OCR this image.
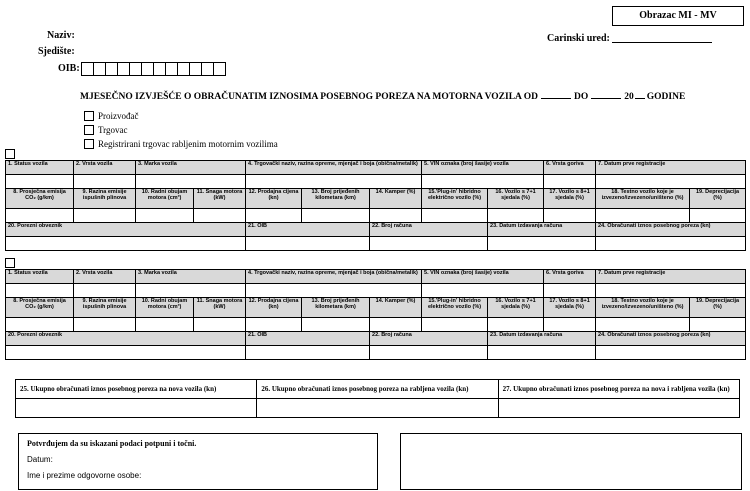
Obrazac MI - MV
Naziv:
Sjedište:
OIB:
Carinski ured:
MJESEČNO IZVJEŠĆE O OBRAČUNATIM IZNOSIMA POSEBNOG POREZA NA MOTORNA VOZILA OD	DO	20 GODINE
Proizvođač
Trgovac
Registrirani trgovac rabljenim motornim vozilima
1. Status vozila	2. Vrsta vozila	3. Marka vozila		4. Trgovački naziv, razina opreme, mjenjač i boja (obična/metalik)			5. VIN oznaka (broj šasije) vozila		6. Vrsta goriva	7. Datum prve registracije	

8. Prosječna emisija CO₂ (g/km)	9. Razina emisije ispušnih plinova	10. Radni obujam motora (cm³)	11. Snaga motora (kW)	12. Prodajna cijena (kn)	13. Broj prijeđenih kilometara (km)	14. Kamper (%)	15.'Plug-in' hibridno električno vozilo (%)	16. Vozilo s 7+1 sjedala (%)	17. Vozilo s 8+1 sjedala (%)	18. Testno vozilo koje je izvezeno/izvezeno/uništeno (%)	19. Deprecijacija (%)

20. Porezni obveznik				21. OIB		22. Broj računa		23. Datum izdavanja računa		24. Obračunati iznos posebnog poreza (kn)	

1. Status vozila	2. Vrsta vozila	3. Marka vozila		4. Trgovački naziv, razina opreme, mjenjač i boja (obična/metalik)			5. VIN oznaka (broj šasije) vozila		6. Vrsta goriva	7. Datum prve registracije	

8. Prosječna emisija CO₂ (g/km)	9. Razina emisije ispušnih plinova	10. Radni obujam motora (cm³)	11. Snaga motora (kW)	12. Prodajna cijena (kn)	13. Broj prijeđenih kilometara (km)	14. Kamper (%)	15.'Plug-in' hibridno električno vozilo (%)	16. Vozilo s 7+1 sjedala (%)	17. Vozilo s 8+1 sjedala (%)	18. Testno vozilo koje je izvezeno/izvezeno/uništeno (%)	19. Deprecijacija (%)

20. Porezni obveznik				21. OIB		22. Broj računa		23. Datum izdavanja računa		24. Obračunati iznos posebnog poreza (kn)	

25. Ukupno obračunati iznos posebnog poreza na nova vozila (kn)	26. Ukupno obračunati iznos posebnog poreza na rabljena vozila (kn)	27. Ukupno obračunati iznos posebnog poreza na nova i rabljena vozila (kn)

Potvrđujem da su iskazani podaci potpuni i točni.
Datum:
Ime i prezime odgovorne osobe:
